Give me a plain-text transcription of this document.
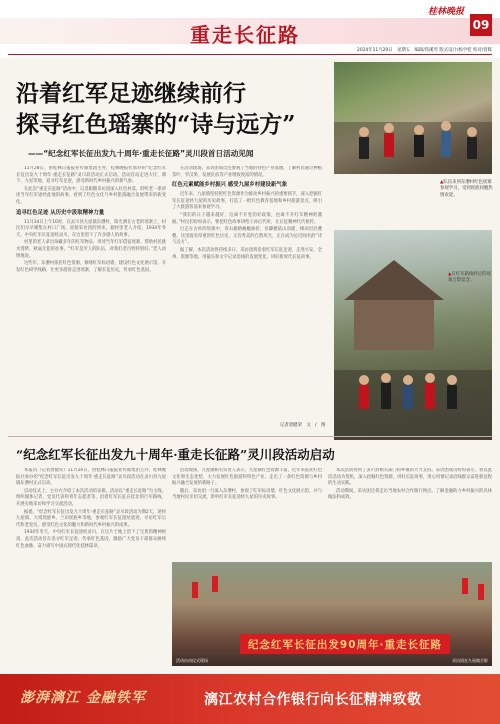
重走长征路
桂林晚报
09
2024年11月29日　星期五　编辑/蒋溪琴 版式设计/杨学桂 校对/曾晖
沿着红军足迹继续前行
探寻红色瑶寨的“诗与远方”
——“纪念红军长征出发九十周年·重走长征路”灵川段首日活动见闻

11月28日，由桂林日报报业传媒集团主办，桂林晚报社承办的“纪念红军长征出发九十周年·重走长征路”灵川段活动正式启动。活动首站走进大圩、潭下、九屋等地，追寻红军足迹，感受新时代乡村振兴的新气象。

在此次“重走长征路”活动中，记者跟随采访团深入红色村落，聆听老一辈讲述当年红军途经此地的故事，看到了红色文化与乡村旅游融合发展带来的新变化。

追寻红色足迹 从历史中汲取精神力量

11月24日上午10时，在灵川县九屋镇东漕村，阳光洒在古老的瑶寨上，村民们早早聚集在村口广场，迎接采访团的到来。据村里老人介绍，1934年冬天，中央红军长征途经灵川，在这里留下了许多感人的故事。

村里的老人拿出珍藏多年的红军物品，讲述当年红军借宿瑶寨、帮助村民挑水劈柴、秋毫无犯的往事。“红军是穷人的队伍，对我们老百姓特别好。”老人动情地说。

这些年，东漕村依托红色资源，修缮红军标语墙，建设红色文化展示馆，开发红色研学线路，让更多游客走进瑶寨，了解长征历史，传承红色基因。

在活动现场，采访团成员还参观了当地的特色产业基地，了解村民通过种植茶叶、罗汉果、发展民宿等产业增收致富的情况。

红色元素赋能乡村振兴 感受九屋乡村建设新气象

近年来，九屋镇坚持把红色资源作为推动乡村振兴的重要抓手，深入挖掘红军长征途经九屋的历史故事，打造了一批红色教育基地和乡村旅游景点，吸引了大批游客前来参观学习。

“我们的日子越来越好，这离不开党的好政策，也离不开红军精神的激励。”村民们纷纷表示，要把红色故事讲给子孙后代听，让长征精神代代相传。

行走在古朴的瑶寨中，青石板路蜿蜒曲折，吊脚楼依山而建，梯田层层叠叠。这里既有厚重的红色历史，又有秀美的自然风光，正在成为远近闻名的“诗与远方”。

据了解，本次活动将持续多日，采访团将沿着红军长征足迹，走进兴安、全州、资源等地，用镜头和文字记录沿线的发展变化，讲好新时代长征故事。

记者唐健荣　文　/　图
▲队伍来到东漕村红色瑶寨参观学习，受到瑶族同胞热情欢迎。
▲在红军路线经过的瑶寨合影留念。
“纪念红军长征出发九十周年·重走长征路”灵川段活动启动

本报讯（记者唐健荣）11月24日，由桂林日报报业传媒集团主办、桂林晚报社承办的“纪念红军长征出发九十周年·重走长征路”灵川段活动在灵川县九屋镇东漕村正式启动。

启动仪式上，主办方介绍了本次活动的安排。活动以“重走长征路”为主线，组织媒体记者、党员代表和青年志愿者等，沿着红军长征在桂北的行军路线，开展实地采访和学习交流活动。

据悉，“纪念红军长征出发九十周年·重走长征路”灵川段活动为期2天，途经九屋镇、大境瑶族乡、兰田瑶族乡等地，参观红军长征遗址遗迹，寻访红军后代和老党员，感受红色文化的魅力和新时代乡村振兴的成果。

1934年冬天，中央红军长征途经灵川，在这片土地上留下了宝贵的精神财富。此次活动旨在追寻红军足迹，传承红色基因，激励广大党员干部群众赓续红色血脉，奋力谱写中国式现代化桂林篇章。

活动现场，九屋镇相关负责人表示，九屋镇红色资源丰富，近年来依托红色文化和生态优势，大力发展红色旅游和特色产业，走出了一条红色资源与乡村振兴融合发展的新路子。

随后，采访团一行深入东漕村，参观了红军标语墙、红色文化展示馆，并与当地村民亲切交流，聆听红军长征途经九屋的历史故事。

本次活动得到了灵川县相关部门和乡镇的大力支持。采访团成员纷纷表示，将以此次活动为契机，深入挖掘红色资源，讲好长征故事，用心用情记录沿线群众奋进新征程的生动实践。

活动期间，采访团还将走访当地农村合作银行网点，了解金融助力乡村振兴的具体做法和成效。

纪念红军长征出发90周年·重走长征路
活动启动仪式现场	采访团在九屋镇合影
澎湃漓江 金融铁军	漓江农村合作银行向长征精神致敬
